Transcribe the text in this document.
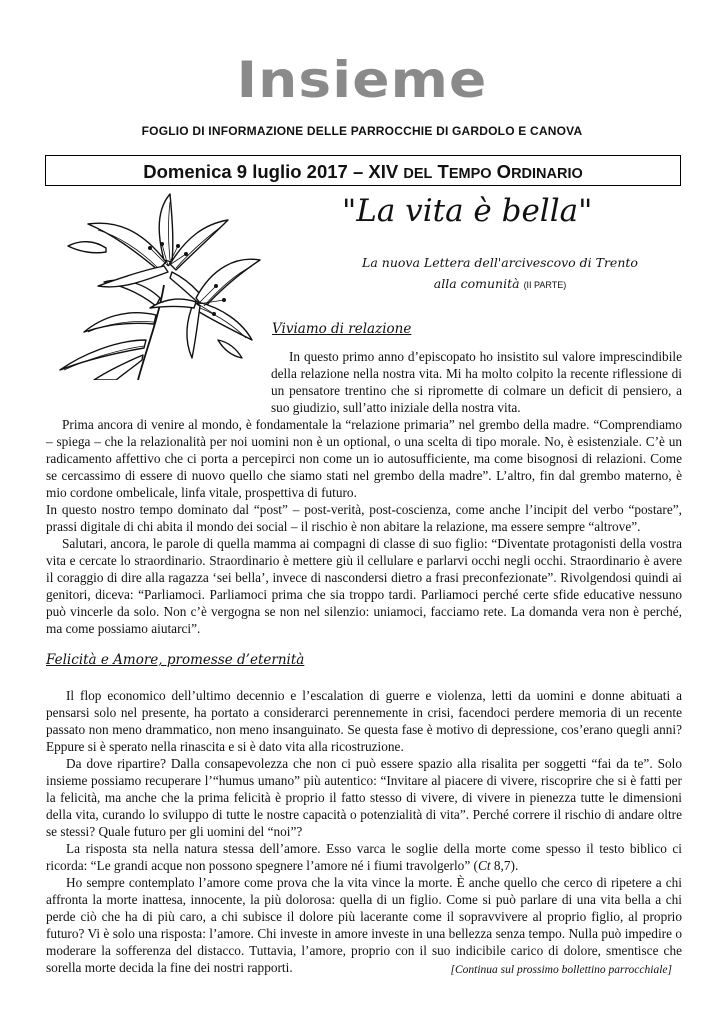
Insieme
FOGLIO DI INFORMAZIONE DELLE PARROCCHIE DI GARDOLO E CANOVA
Domenica 9 luglio 2017 – XIV DEL TEMPO ORDINARIO
"La vita è bella"
La nuova Lettera dell'arcivescovo di Trento
alla comunità (II PARTE)
Viviamo di relazione

In questo primo anno d’episcopato ho insistito sul valore imprescindibile della relazione nella nostra vita. Mi ha molto colpito la recente riflessione di un pensatore trentino che si ripromette di colmare un deficit di pensiero, a suo giudizio, sull’atto iniziale della nostra vita.

Prima ancora di venire al mondo, è fondamentale la “relazione primaria” nel grembo della madre. “Comprendiamo – spiega – che la relazionalità per noi uomini non è un optional, o una scelta di tipo morale. No, è esistenziale. C’è un radicamento affettivo che ci porta a percepirci non come un io autosufficiente, ma come bisognosi di relazioni. Come se cercassimo di essere di nuovo quello che siamo stati nel grembo della madre”. L’altro, fin dal grembo materno, è mio cordone ombelicale, linfa vitale, prospettiva di futuro.

In questo nostro tempo dominato dal “post” – post-verità, post-coscienza, come anche l’incipit del verbo “postare”, prassi digitale di chi abita il mondo dei social – il rischio è non abitare la relazione, ma essere sempre “altrove”.

Salutari, ancora, le parole di quella mamma ai compagni di classe di suo figlio: “Diventate protagonisti della vostra vita e cercate lo straordinario. Straordinario è mettere giù il cellulare e parlarvi occhi negli occhi. Straordinario è avere il coraggio di dire alla ragazza ‘sei bella’, invece di nascondersi dietro a frasi preconfezionate”. Rivolgendosi quindi ai genitori, diceva: “Parliamoci. Parliamoci prima che sia troppo tardi. Parliamoci perché certe sfide educative nessuno può vincerle da solo. Non c’è vergogna se non nel silenzio: uniamoci, facciamo rete. La domanda vera non è perché, ma come possiamo aiutarci”.

Felicità e Amore, promesse d’eternità

Il flop economico dell’ultimo decennio e l’escalation di guerre e violenza, letti da uomini e donne abituati a pensarsi solo nel presente, ha portato a considerarci perennemente in crisi, facendoci perdere memoria di un recente passato non meno drammatico, non meno insanguinato. Se questa fase è motivo di depressione, cos’erano quegli anni? Eppure si è sperato nella rinascita e si è dato vita alla ricostruzione.

Da dove ripartire? Dalla consapevolezza che non ci può essere spazio alla risalita per soggetti “fai da te”. Solo insieme possiamo recuperare l’“humus umano” più autentico: “Invitare al piacere di vivere, riscoprire che si è fatti per la felicità, ma anche che la prima felicità è proprio il fatto stesso di vivere, di vivere in pienezza tutte le dimensioni della vita, curando lo sviluppo di tutte le nostre capacità o potenzialità di vita”. Perché correre il rischio di andare oltre se stessi? Quale futuro per gli uomini del “noi”?

La risposta sta nella natura stessa dell’amore. Esso varca le soglie della morte come spesso il testo biblico ci ricorda: “Le grandi acque non possono spegnere l’amore né i fiumi travolgerlo” (Ct 8,7).

Ho sempre contemplato l’amore come prova che la vita vince la morte. È anche quello che cerco di ripetere a chi affronta la morte inattesa, innocente, la più dolorosa: quella di un figlio. Come si può parlare di una vita bella a chi perde ciò che ha di più caro, a chi subisce il dolore più lacerante come il sopravvivere al proprio figlio, al proprio futuro? Vi è solo una risposta: l’amore. Chi investe in amore investe in una bellezza senza tempo. Nulla può impedire o moderare la sofferenza del distacco. Tuttavia, l’amore, proprio con il suo indicibile carico di dolore, smentisce che sorella morte decida la fine dei nostri rapporti.	[Continua sul prossimo bollettino parrocchiale]
